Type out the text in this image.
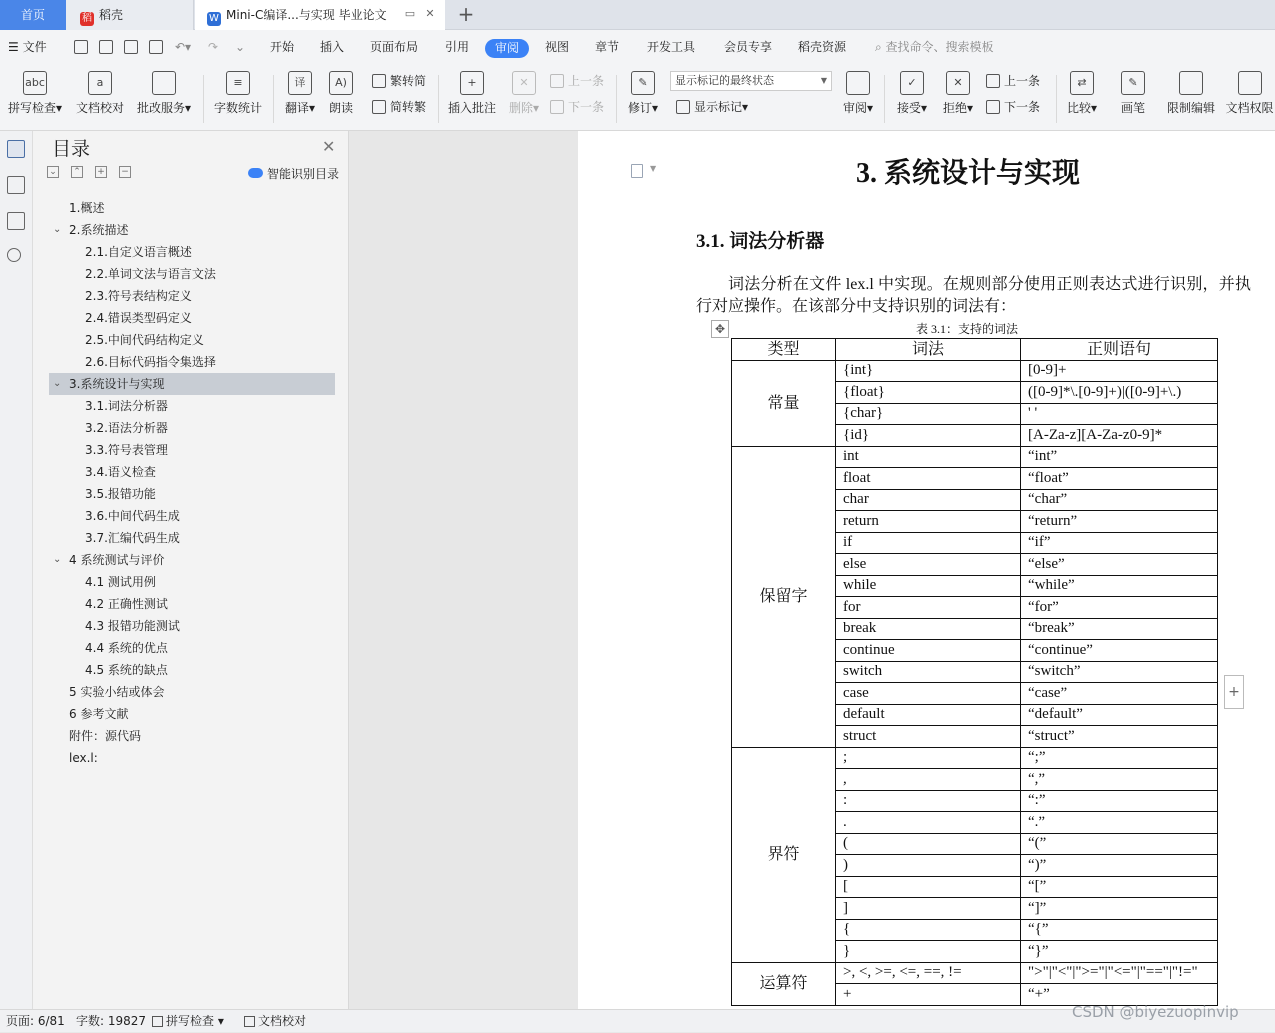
首页	稻 稻壳	W Mini-C编译...与实现 毕业论文 ▭ ✕ +
☰ 文件	↶▾ ↷ ⌄ 开始 插入 页面布局 引用	审阅	视图 章节 开发工具 会员专享 稻壳资源 ⌕ 查找命令、搜索模板
abc
拼写检查▾
a
文档校对 批改服务▾
≡
字数统计
译
翻译▾
A)
朗读
繁转简
简转繁
+
插入批注
✕
删除▾
上一条
下一条
✎
修订▾
显示标记的最终状态	▼
显示标记▾	审阅▾
✓
接受▾
✕
拒绝▾
上一条
下一条
⇄
比较▾
✎
画笔 限制编辑 文档权限
目录	✕
⌄ ⌃ + −	智能识别目录
1.概述
⌄ 2.系统描述
2.1.自定义语言概述
2.2.单词文法与语言文法
2.3.符号表结构定义
2.4.错误类型码定义
2.5.中间代码结构定义
2.6.目标代码指令集选择
⌄ 3.系统设计与实现
3.1.词法分析器
3.2.语法分析器
3.3.符号表管理
3.4.语义检查
3.5.报错功能
3.6.中间代码生成
3.7.汇编代码生成
⌄ 4 系统测试与评价
4.1 测试用例
4.2 正确性测试
4.3 报错功能测试
4.4 系统的优点
4.5 系统的缺点
5 实验小结或体会
6 参考文献
附件：源代码
lex.l:
▼	3. 系统设计与实现
3.1. 词法分析器
词法分析在文件 lex.l 中实现。在规则部分使用正则表达式进行识别，并执行对应操作。在该部分中支持识别的词法有：
✥	表 3.1：支持的词法
类型	词法	正则语句
常量	{int}	[0-9]+
	{float}	([0-9]*\.[0-9]+)|([0-9]+\.)
	{char}	' '
	{id}	[A-Za-z][A-Za-z0-9]*
保留字	int	“int”
	float	“float”
	char	“char”
	return	“return”
	if	“if”
	else	“else”
	while	“while”
	for	“for”
	break	“break”
	continue	“continue”
	switch	“switch”
	case	“case”
	default	“default”
	struct	“struct”
界符	;	“;”
	,	“,”
	:	“:”
	.	“.”
	(	“(”
	)	“)”
	[	“[”
	]	“]”
	{	“{”
	}	“}”
运算符	>, <, >=, <=, ==, !=	">"|"<"|">="|"<="|"=="|"!="
	+	“+”
+
页面: 6/81 字数: 19827	拼写检查 ▾	文档校对	CSDN @biyezuopinvip
